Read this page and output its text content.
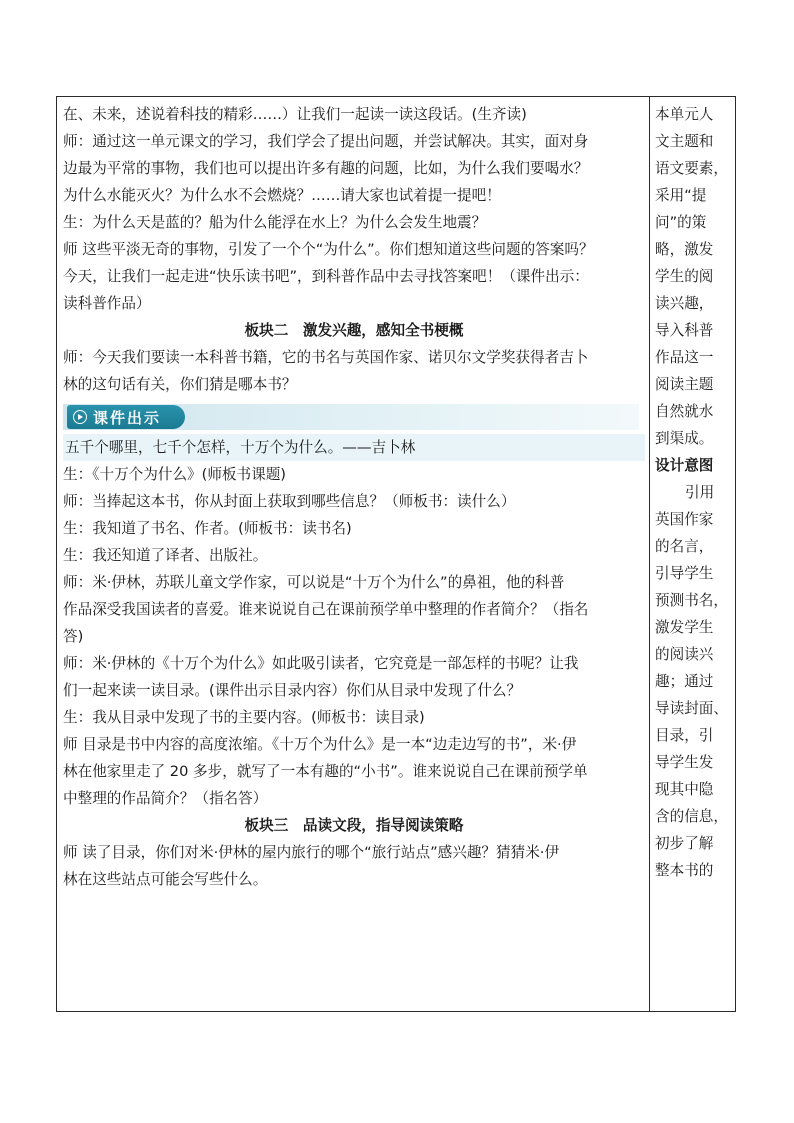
在、未来，述说着科技的精彩……）让我们一起读一读这段话。(生齐读)
师：通过这一单元课文的学习，我们学会了提出问题，并尝试解决。其实，面对身
边最为平常的事物，我们也可以提出许多有趣的问题，比如，为什么我们要喝水？
为什么水能灭火？为什么水不会燃烧？……请大家也试着提一提吧！
生：为什么天是蓝的？船为什么能浮在水上？为什么会发生地震？
师 这些平淡无奇的事物，引发了一个个“为什么”。你们想知道这些问题的答案吗？
今天，让我们一起走进“快乐读书吧”，到科普作品中去寻找答案吧！（课件出示：
读科普作品）
板块二　激发兴趣，感知全书梗概
师：今天我们要读一本科普书籍，它的书名与英国作家、诺贝尔文学奖获得者吉卜
林的这句话有关，你们猜是哪本书？
课件出示
五千个哪里，七千个怎样，十万个为什么。——吉卜林
生：《十万个为什么》(师板书课题)
师：当捧起这本书，你从封面上获取到哪些信息？（师板书：读什么）
生：我知道了书名、作者。(师板书：读书名)
生：我还知道了译者、出版社。
师：米·伊林，苏联儿童文学作家，可以说是“十万个为什么”的鼻祖，他的科普
作品深受我国读者的喜爱。谁来说说自己在课前预学单中整理的作者简介？（指名
答)
师：米·伊林的《十万个为什么》如此吸引读者，它究竟是一部怎样的书呢？让我
们一起来读一读目录。(课件出示目录内容）你们从目录中发现了什么？
生：我从目录中发现了书的主要内容。(师板书：读目录)
师 目录是书中内容的高度浓缩。《十万个为什么》是一本“边走边写的书”，米·伊
林在他家里走了 20 多步，就写了一本有趣的“小书”。谁来说说自己在课前预学单
中整理的作品简介？（指名答）
板块三　品读文段，指导阅读策略
师 读了目录，你们对米·伊林的屋内旅行的哪个“旅行站点”感兴趣？猜猜米·伊
林在这些站点可能会写些什么。
本单元人
文主题和
语文要素，
采用“提
问”的策
略，激发
学生的阅
读兴趣，
导入科普
作品这一
阅读主题
自然就水
到渠成。
设计意图
引用
英国作家
的名言，
引导学生
预测书名，
激发学生
的阅读兴
趣；通过
导读封面、
目录，引
导学生发
现其中隐
含的信息，
初步了解
整本书的
